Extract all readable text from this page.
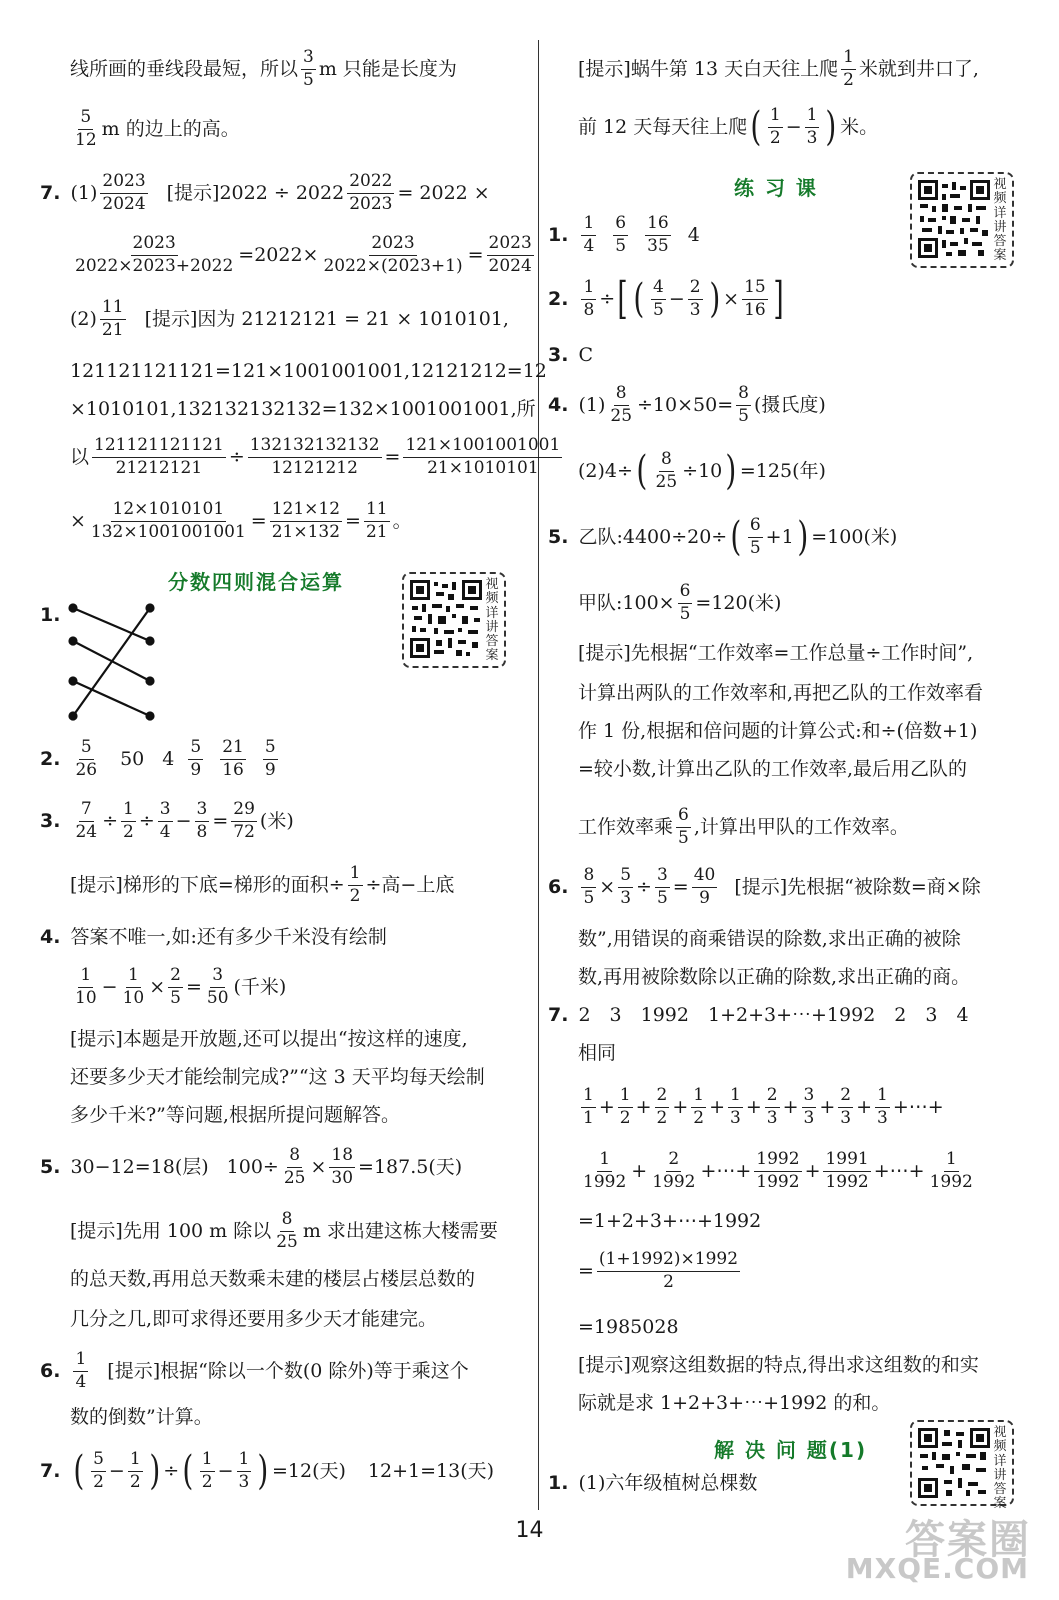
线所画的垂线段最短，所以
3
5 m 只能是长度为
5
12 m 的边上的高。
7. (1)
2023
2024 [提示]$2022 \div 2022 \frac{2022}{2023} = 2022$ ×
$\frac{2023}{2022\times 2023+2022} =2022\times \frac{2023}{2022\times(2023+1)} = \frac{2023}{2024}$
(2)
11
21 [提示]因为 21212121 = 21 × 1010101,
121121121121=121×1001001001,12121212=12
×1010101,132132132132=132×1001001001,所
以 $\frac{121121121121}{21212121} \div \frac{132132132132}{12121212} = \frac{121\times 1001001001}{21\times 1010101}$
× $\frac{12\times 1010101}{132\times 1001001001} = \frac{121\times 12}{21\times 132} = \frac{11}{21}$ 。
分数四则混合运算	视频详讲答案
1.
2.
5
26 50 4
5
9
21
16
5
9
3. $\frac{7}{24} \div \frac{1}{2} \div \frac{3}{4} - \frac{3}{8} = \frac{29}{72}$ (米)
[提示]梯形的下底=梯形的面积÷ $\frac{1}{2}$ ÷高−上底
4. 答案不唯一,如:还有多少千米没有绘制
1
$10 - \frac{1}{10} \times \frac{2}{5} = \frac{3}{50}$ (千米)
[提示]本题是开放题,还可以提出“按这样的速度,
还要多少天才能绘制完成?”“这 3 天平均每天绘制
多少千米?”等问题,根据所提问题解答。
5. 30−12=18(层) $100\div \frac{8}{25} \times \frac{18}{30} =187.5$(天)
[提示]先用 100 m 除以
8
25 m 求出建这栋大楼需要
的总天数,再用总天数乘未建的楼层占楼层总数的
几分之几,即可求得还要用多少天才能建完。
6.
1
4 [提示]根据“除以一个数(0 除外)等于乘这个
数的倒数”计算。
7. ( 5
$2 - \frac{1}{2}$ ) ÷ ( 1
$2 - \frac{1}{3}$ ) =12(天) 12+1=13(天)
[提示]蜗牛第 13 天白天往上爬
1
2 米就到井口了,
前 12 天每天往上爬 ( 1
$2 - \frac{1}{3}$ ) 米。
练 习 课	视频详讲答案
1.
1
4
6
5
16
35 4
2. $\frac{1}{8}$ ÷ [ ( 4
$5 - \frac{2}{3}$ ) × $\frac{15}{16}$ ]
3. C
4. $(1) \frac{8}{25} \div 10\times 50= \frac{8}{5}$ (摄氏度)
(2)4÷ ( $\frac{8}{25} \div 10$ ) =125(年)
5. 乙队:4400÷20÷ ( 6
5 +1 ) =100(米)
甲队:100× $\frac{6}{5} =120$(米)
[提示]先根据“工作效率=工作总量÷工作时间”,
计算出两队的工作效率和,再把乙队的工作效率看
作 1 份,根据和倍问题的计算公式:和÷(倍数+1)
=较小数,计算出乙队的工作效率,最后用乙队的
工作效率乘
6
5 ,计算出甲队的工作效率。
6. $\frac{8}{5} \times \frac{5}{3} \div \frac{3}{5} = \frac{40}{9}$ [提示]先根据“被除数=商×除
数”,用错误的商乘错误的除数,求出正确的被除
数,再用被除数除以正确的除数,求出正确的商。
7. 2　3　1992　1+2+3+⋯+1992　2　3　4
相同
1
$1 + \frac{1}{2} + \frac{2}{2} + \frac{1}{2} + \frac{1}{3} + \frac{2}{3} + \frac{3}{3} + \frac{2}{3} + \frac{1}{3}$ +⋯+
1
$1992 + \frac{2}{1992}$ +⋯+ $\frac{1992}{1992} + \frac{1991}{1992}$ +⋯+ $\frac{1}{1992}$
=1+2+3+⋯+1992
= $\frac{(1+1992)\times 1992}{2}$
=1985028
[提示]观察这组数据的特点,得出求这组数的和实
际就是求 1+2+3+⋯+1992 的和。
解 决 问 题(1)
视频详讲答案
1. (1)六年级植树总棵数
14	答案圈
MXQE.COM
